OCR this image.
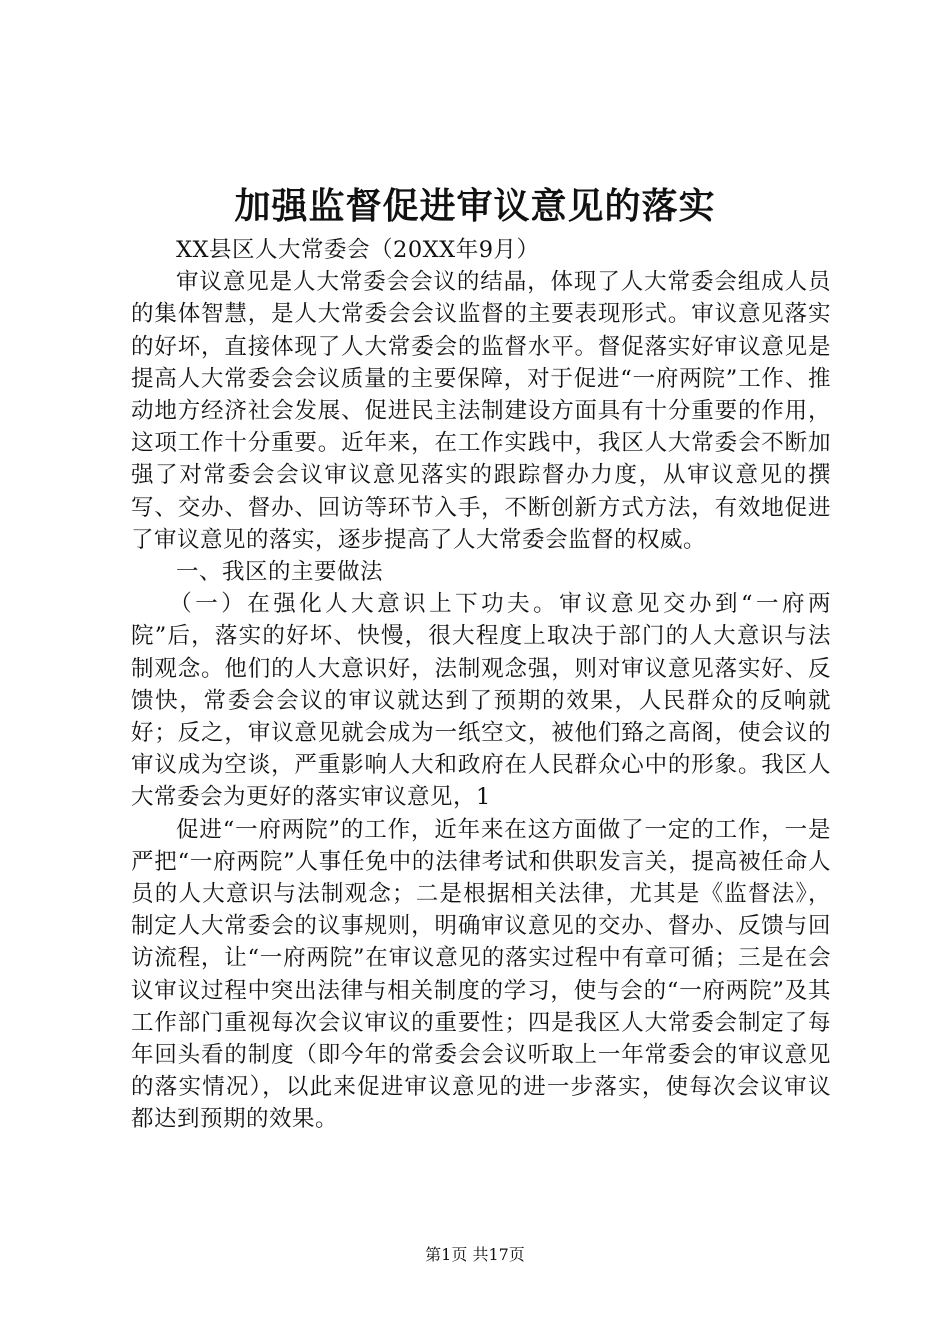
加强监督促进审议意见的落实

XX县区人大常委会（20XX年9月）

审议意见是人大常委会会议的结晶，体现了人大常委会组成人员的集体智慧，是人大常委会会议监督的主要表现形式。审议意见落实的好坏，直接体现了人大常委会的监督水平。督促落实好审议意见是提高人大常委会会议质量的主要保障，对于促进“一府两院”工作、推动地方经济社会发展、促进民主法制建设方面具有十分重要的作用，这项工作十分重要。近年来，在工作实践中，我区人大常委会不断加强了对常委会会议审议意见落实的跟踪督办力度，从审议意见的撰写、交办、督办、回访等环节入手，不断创新方式方法，有效地促进了审议意见的落实，逐步提高了人大常委会监督的权威。

一、我区的主要做法

（一）在强化人大意识上下功夫。审议意见交办到“一府两院”后，落实的好坏、快慢，很大程度上取决于部门的人大意识与法制观念。他们的人大意识好，法制观念强，则对审议意见落实好、反馈快，常委会会议的审议就达到了预期的效果，人民群众的反响就好；反之，审议意见就会成为一纸空文，被他们臵之高阁，使会议的审议成为空谈，严重影响人大和政府在人民群众心中的形象。我区人大常委会为更好的落实审议意见，1

促进“一府两院”的工作，近年来在这方面做了一定的工作，一是严把“一府两院”人事任免中的法律考试和供职发言关，提高被任命人员的人大意识与法制观念；二是根据相关法律，尤其是《监督法》，制定人大常委会的议事规则，明确审议意见的交办、督办、反馈与回访流程，让“一府两院”在审议意见的落实过程中有章可循；三是在会议审议过程中突出法律与相关制度的学习，使与会的“一府两院”及其工作部门重视每次会议审议的重要性；四是我区人大常委会制定了每年回头看的制度（即今年的常委会会议听取上一年常委会的审议意见的落实情况），以此来促进审议意见的进一步落实，使每次会议审议都达到预期的效果。

第1页 共17页
